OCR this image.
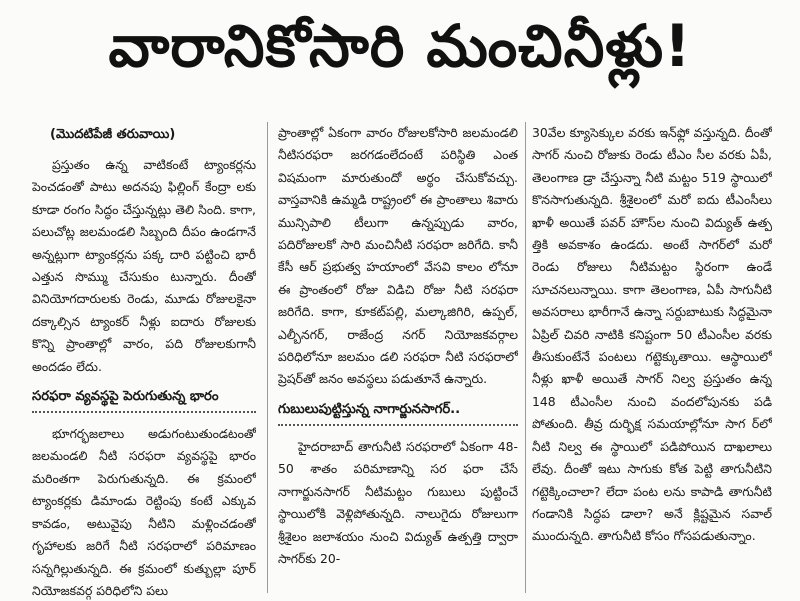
వారానికోసారి మంచినీళ్లు!
(మొదటిపేజీ తరువాయి)
ప్రస్తుతం ఉన్న వాటికంటే ట్యాంకర్లను పెంచడంతో పాటు అదనపు ఫిల్లింగ్ కేంద్రా లకు కూడా రంగం సిద్ధం చేస్తున్నట్లు తెలి సింది. కాగా, పలుచోట్ల జలమండలి సిబ్బంది దీపం ఉండగానే అన్నట్లుగా ట్యాంకర్లను పక్క దారి పట్టించి భారీ ఎత్తున సొమ్ము చేసుకుం టున్నారు. దీంతో వినియోగదారులకు రెండు, మూడు రోజులకైనా దక్కాల్సిన ట్యాంకర్ నీళ్లు ఐదారు రోజులకు కొన్ని ప్రాంతాల్లో వారం, పది రోజులకుగానీ అందడం లేదు.
సరఫరా వ్యవస్థపై పెరుగుతున్న భారం
భూగర్భజలాలు అడుగంటుతుండటంతో జలమండలి నీటి సరఫరా వ్యవస్థపై భారం మరింతగా పెరుగుతున్నది. ఈ క్రమంలో ట్యాంకర్లకు డిమాండు రెట్టింపు కంటే ఎక్కువ కావడం, అటువైపు నీటిని మళ్లించడంతో గృహాలకు జరిగే నీటి సరఫరాలో పరిమాణం సన్నగిల్లుతున్నది. ఈ క్రమంలో కుత్బుల్లా పూర్ నియోజకవర్గ పరిధిలోని పలు
ప్రాంతాల్లో ఏకంగా వారం రోజులకోసారి జలమండలి నీటిసరఫరా జరగడంలేదంటే పరిస్థితి ఎంత విషమంగా మారుతుందో అర్థం చేసుకోవచ్చు. వాస్తవానికి ఉమ్మడి రాష్ట్రంలో ఈ ప్రాంతాలు శివారు మున్సిపాలి టీలుగా ఉన్నప్పుడు వారం, పదిరోజులకో సారి మంచినీటి సరఫరా జరిగేది. కానీ కేసీ ఆర్ ప్రభుత్వ హయాంలో వేసవి కాలం లోనూ ఈ ప్రాంతంలో రోజు విడిచి రోజు నీటి సరఫరా జరిగేది. కాగా, కూకట్‌పల్లి, మల్కాజిగిరి, ఉప్పల్, ఎల్బీనగర్, రాజేంద్ర నగర్ నియోజకవర్గాల పరిధిలోనూ జలమం డలి సరఫరా నీటి సరఫరాలో ప్రెషర్‌తో జనం అవస్థలు పడుతూనే ఉన్నారు.
గుబులుపుట్టిస్తున్న నాగార్జునసాగర్..
హైదరాబాద్ తాగునీటి సరఫరాలో ఏకంగా 48-50 శాతం పరిమాణాన్ని సర ఫరా చేసే నాగార్జునసాగర్ నీటిమట్టం గుబులు పుట్టించే స్థాయిలోకి వెళ్లిపోతున్నది. నాలుగైదు రోజులుగా శ్రీశైలం జలాశయం నుంచి విద్యుత్ ఉత్పత్తి ద్వారా సాగర్‌కు 20-
30వేల క్యూసెక్కుల వరకు ఇన్‌ఫ్లో వస్తున్నది. దీంతో సాగర్ నుంచి రోజుకు రెండు టీఎం సీల వరకు ఏపీ, తెలంగాణ డ్రా చేస్తున్నా నీటి మట్టం 519 స్థాయిలో కొనసాగుతున్నది. శ్రీశైలంలో మరో ఐదు టీఎంసీలు ఖాళీ అయితే పవర్ హౌస్‌ల నుంచి విద్యుత్ ఉత్ప త్తికి అవకాశం ఉండదు. అంటే సాగర్‌లో మరో రెండు రోజులు నీటిమట్టం స్థిరంగా ఉండే సూచనలున్నాయి. కాగా తెలంగాణ, ఏపీ సాగునీటి అవసరాలు భారీగానే ఉన్నా సర్దుబాటుకు సిద్ధమైనా ఏప్రిల్ చివరి నాటికి కనిష్టంగా 50 టీఎంసీల వరకు తీసుకుంటేనే పంటలు గట్టెక్కుతాయి. ఆస్థాయిలో నీళ్లు ఖాళీ అయితే సాగర్ నిల్వ ప్రస్తుతం ఉన్న 148 టీఎంసీల నుంచి వందలోపునకు పడి పోతుంది. తీవ్ర దుర్భిక్ష సమయాల్లోనూ సాగ ర్‌లో నీటి నిల్వ ఈ స్థాయిలో పడిపోయిన దాఖలాలు లేవు. దీంతో ఇటు సాగుకు కోత పెట్టి తాగునీటిని గట్టెక్కించాలా? లేదా పంట లను కాపాడి తాగునీటి గండానికి సిద్ధప డాలా? అనే క్లిష్టమైన సవాల్ ముందున్నది. తాగునీటి కోసం గోసపడుతున్నాం.
